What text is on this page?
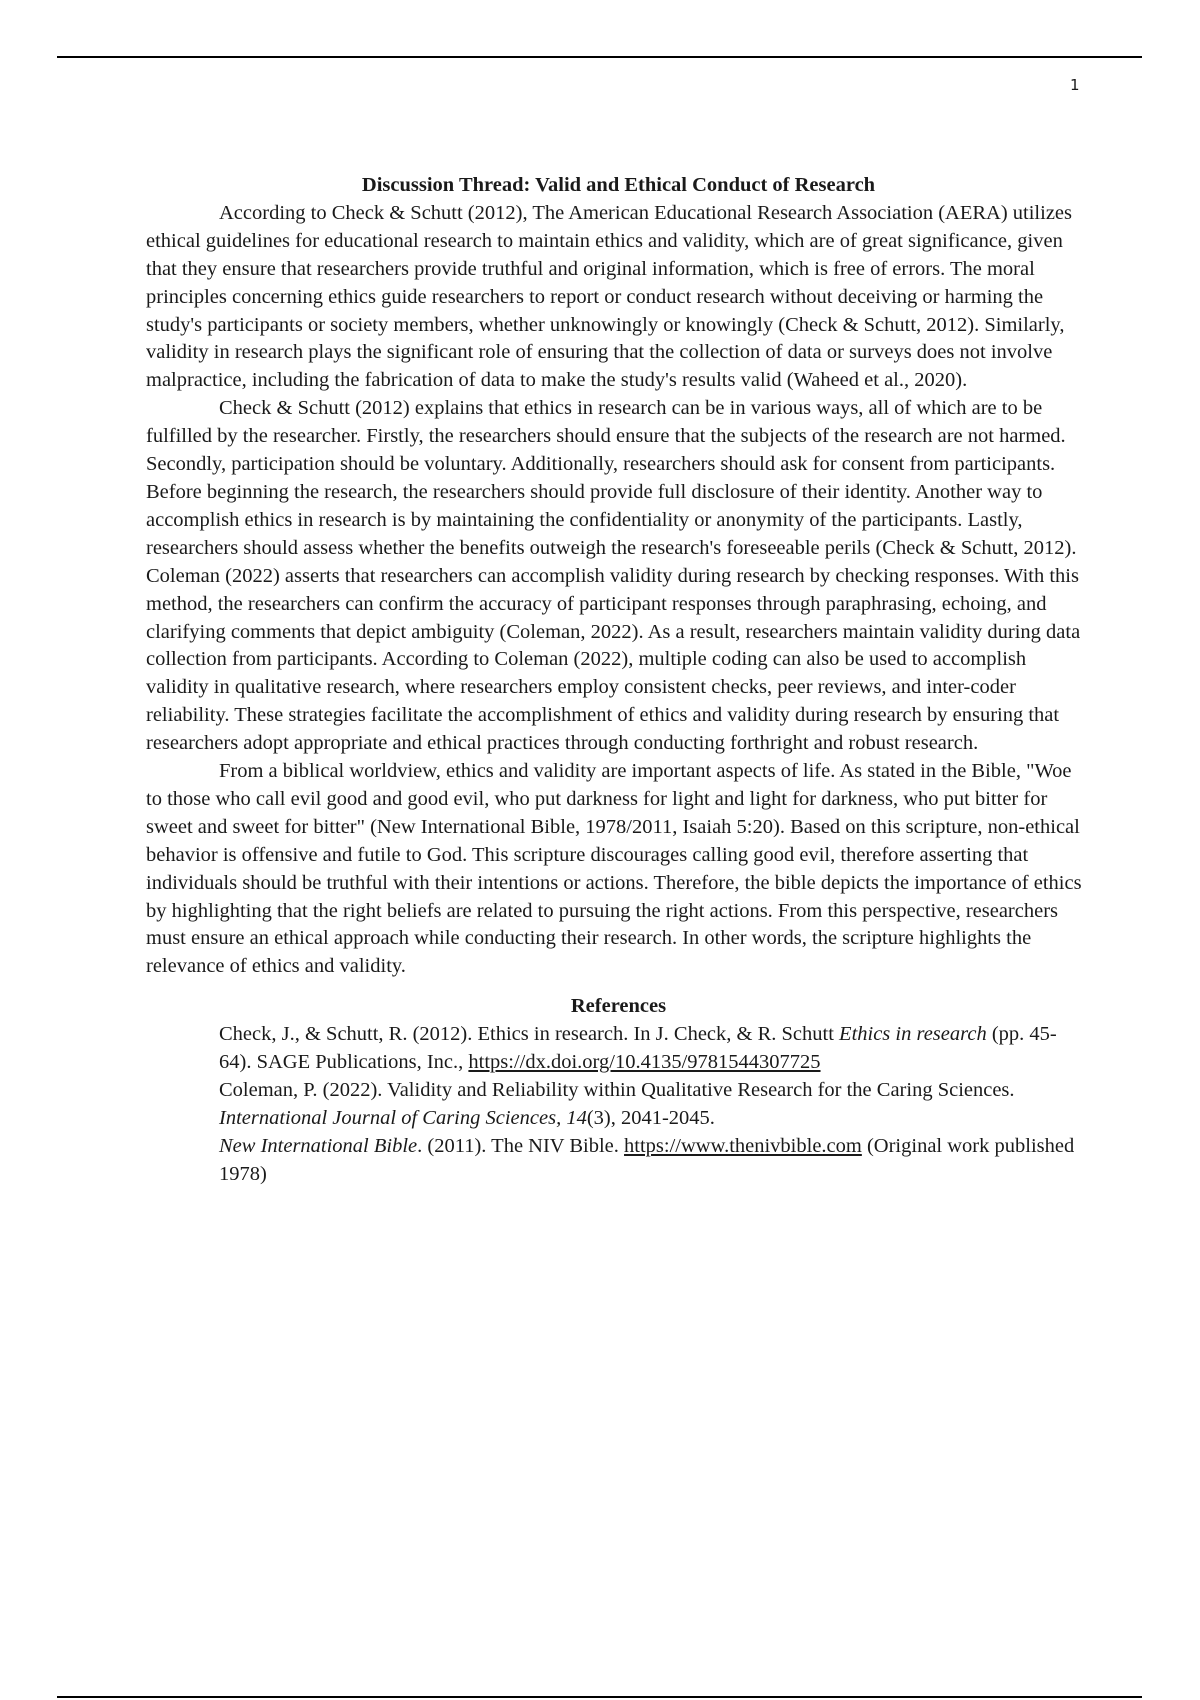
1

Discussion Thread: Valid and Ethical Conduct of Research

According to Check & Schutt (2012), The American Educational Research Association (AERA) utilizes ethical guidelines for educational research to maintain ethics and validity, which are of great significance, given that they ensure that researchers provide truthful and original information, which is free of errors. The moral principles concerning ethics guide researchers to report or conduct research without deceiving or harming the study's participants or society members, whether unknowingly or knowingly (Check & Schutt, 2012). Similarly, validity in research plays the significant role of ensuring that the collection of data or surveys does not involve malpractice, including the fabrication of data to make the study's results valid (Waheed et al., 2020).

Check & Schutt (2012) explains that ethics in research can be in various ways, all of which are to be fulfilled by the researcher. Firstly, the researchers should ensure that the subjects of the research are not harmed. Secondly, participation should be voluntary. Additionally, researchers should ask for consent from participants. Before beginning the research, the researchers should provide full disclosure of their identity. Another way to accomplish ethics in research is by maintaining the confidentiality or anonymity of the participants. Lastly, researchers should assess whether the benefits outweigh the research's foreseeable perils (Check & Schutt, 2012). Coleman (2022) asserts that researchers can accomplish validity during research by checking responses. With this method, the researchers can confirm the accuracy of participant responses through paraphrasing, echoing, and clarifying comments that depict ambiguity (Coleman, 2022). As a result, researchers maintain validity during data collection from participants. According to Coleman (2022), multiple coding can also be used to accomplish validity in qualitative research, where researchers employ consistent checks, peer reviews, and inter-coder reliability. These strategies facilitate the accomplishment of ethics and validity during research by ensuring that researchers adopt appropriate and ethical practices through conducting forthright and robust research.

From a biblical worldview, ethics and validity are important aspects of life. As stated in the Bible, "Woe to those who call evil good and good evil, who put darkness for light and light for darkness, who put bitter for sweet and sweet for bitter" (New International Bible, 1978/2011, Isaiah 5:20). Based on this scripture, non-ethical behavior is offensive and futile to God. This scripture discourages calling good evil, therefore asserting that individuals should be truthful with their intentions or actions. Therefore, the bible depicts the importance of ethics by highlighting that the right beliefs are related to pursuing the right actions. From this perspective, researchers must ensure an ethical approach while conducting their research. In other words, the scripture highlights the relevance of ethics and validity.

References

Check, J., & Schutt, R. (2012). Ethics in research. In J. Check, & R. Schutt Ethics in research (pp. 45-64). SAGE Publications, Inc., https://dx.doi.org/10.4135/9781544307725

Coleman, P. (2022). Validity and Reliability within Qualitative Research for the Caring Sciences. International Journal of Caring Sciences, 14(3), 2041-2045.

New International Bible. (2011). The NIV Bible. https://www.thenivbible.com (Original work published 1978)
